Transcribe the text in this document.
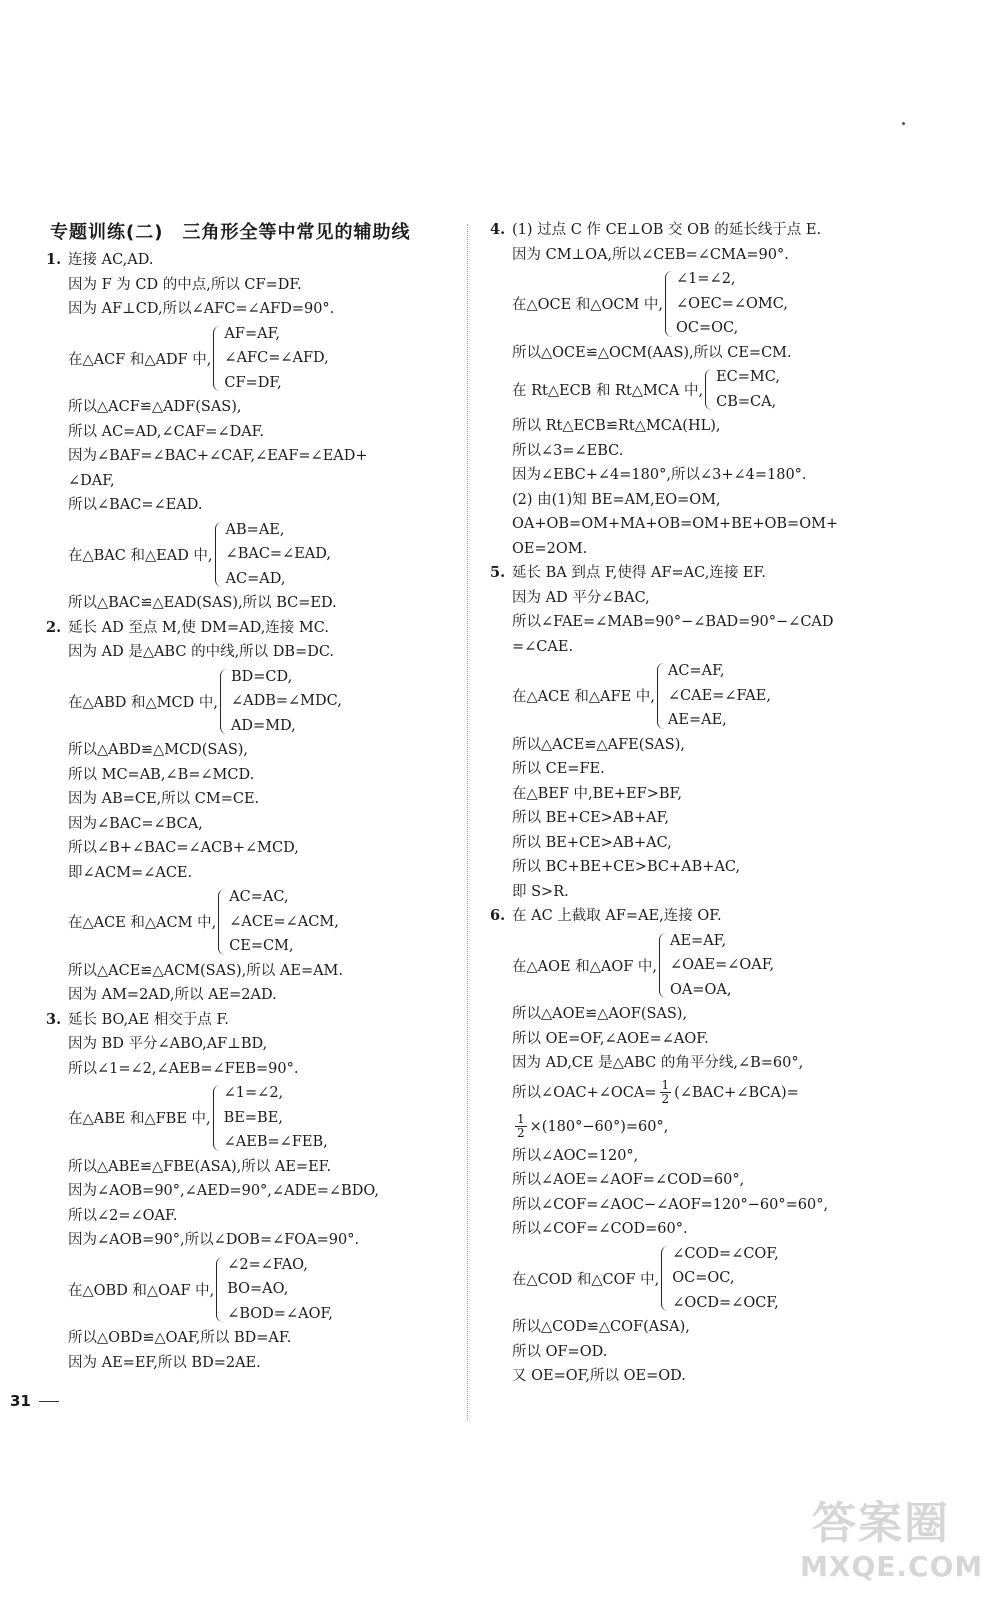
专题训练(二)　三角形全等中常见的辅助线
1. 连接 AC,AD.
因为 F 为 CD 的中点,所以 CF=DF.
因为 AF⊥CD,所以∠AFC=∠AFD=90°.
在△ACF 和△ADF 中,
AF=AF,
∠AFC=∠AFD,
CF=DF,
所以△ACF≌△ADF(SAS),
所以 AC=AD,∠CAF=∠DAF.
因为∠BAF=∠BAC+∠CAF,∠EAF=∠EAD+
∠DAF,
所以∠BAC=∠EAD.
在△BAC 和△EAD 中,
AB=AE,
∠BAC=∠EAD,
AC=AD,
所以△BAC≌△EAD(SAS),所以 BC=ED.
2. 延长 AD 至点 M,使 DM=AD,连接 MC.
因为 AD 是△ABC 的中线,所以 DB=DC.
在△ABD 和△MCD 中,
BD=CD,
∠ADB=∠MDC,
AD=MD,
所以△ABD≌△MCD(SAS),
所以 MC=AB,∠B=∠MCD.
因为 AB=CE,所以 CM=CE.
因为∠BAC=∠BCA,
所以∠B+∠BAC=∠ACB+∠MCD,
即∠ACM=∠ACE.
在△ACE 和△ACM 中,
AC=AC,
∠ACE=∠ACM,
CE=CM,
所以△ACE≌△ACM(SAS),所以 AE=AM.
因为 AM=2AD,所以 AE=2AD.
3. 延长 BO,AE 相交于点 F.
因为 BD 平分∠ABO,AF⊥BD,
所以∠1=∠2,∠AEB=∠FEB=90°.
在△ABE 和△FBE 中,
∠1=∠2,
BE=BE,
∠AEB=∠FEB,
所以△ABE≌△FBE(ASA),所以 AE=EF.
因为∠AOB=90°,∠AED=90°,∠ADE=∠BDO,
所以∠2=∠OAF.
因为∠AOB=90°,所以∠DOB=∠FOA=90°.
在△OBD 和△OAF 中,
∠2=∠FAO,
BO=AO,
∠BOD=∠AOF,
所以△OBD≌△OAF,所以 BD=AF.
因为 AE=EF,所以 BD=2AE.
4. (1) 过点 C 作 CE⊥OB 交 OB 的延长线于点 E.
因为 CM⊥OA,所以∠CEB=∠CMA=90°.
在△OCE 和△OCM 中,
∠1=∠2,
∠OEC=∠OMC,
OC=OC,
所以△OCE≌△OCM(AAS),所以 CE=CM.
在 Rt△ECB 和 Rt△MCA 中,
EC=MC,
CB=CA,
所以 Rt△ECB≌Rt△MCA(HL),
所以∠3=∠EBC.
因为∠EBC+∠4=180°,所以∠3+∠4=180°.
(2) 由(1)知 BE=AM,EO=OM,
OA+OB=OM+MA+OB=OM+BE+OB=OM+
OE=2OM.
5. 延长 BA 到点 F,使得 AF=AC,连接 EF.
因为 AD 平分∠BAC,
所以∠FAE=∠MAB=90°−∠BAD=90°−∠CAD
=∠CAE.
在△ACE 和△AFE 中,
AC=AF,
∠CAE=∠FAE,
AE=AE,
所以△ACE≌△AFE(SAS),
所以 CE=FE.
在△BEF 中,BE+EF>BF,
所以 BE+CE>AB+AF,
所以 BE+CE>AB+AC,
所以 BC+BE+CE>BC+AB+AC,
即 S>R.
6. 在 AC 上截取 AF=AE,连接 OF.
在△AOE 和△AOF 中,
AE=AF,
∠OAE=∠OAF,
OA=OA,
所以△AOE≌△AOF(SAS),
所以 OE=OF,∠AOE=∠AOF.
因为 AD,CE 是△ABC 的角平分线,∠B=60°,
所以∠OAC+∠OCA= $\frac{1}{2}$ (∠BAC+∠BCA)=
$\frac{1}{2} \times(180^\circ-60^\circ)=60^\circ$,
所以∠AOC=120°,
所以∠AOE=∠AOF=∠COD=60°,
所以∠COF=∠AOC−∠AOF=120°−60°=60°,
所以∠COF=∠COD=60°.
在△COD 和△COF 中,
∠COD=∠COF,
OC=OC,
∠OCD=∠OCF,
所以△COD≌△COF(ASA),
所以 OF=OD.
又 OE=OF,所以 OE=OD.
31
答案圈
MXQE.COM
